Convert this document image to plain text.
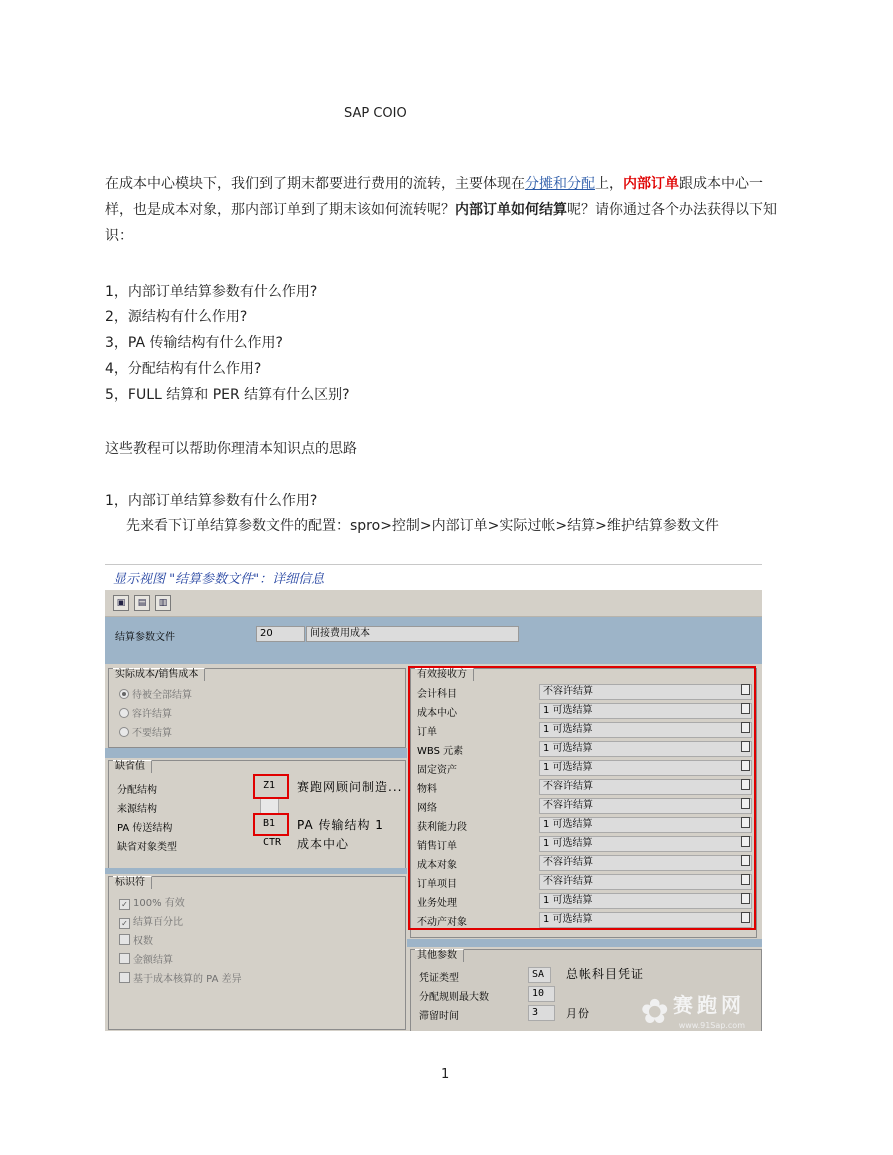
SAP COIO
在成本中心模块下，我们到了期末都要进行费用的流转，主要体现在分摊和分配上，内部订单跟成本中心一样，也是成本对象，那内部订单到了期末该如何流转呢？内部订单如何结算呢？请你通过各个办法获得以下知识：
1，内部订单结算参数有什么作用?
2，源结构有什么作用?
3，PA 传输结构有什么作用?
4，分配结构有什么作用?
5，FULL 结算和 PER 结算有什么区别?
这些教程可以帮助你理清本知识点的思路
1，内部订单结算参数有什么作用?
先来看下订单结算参数文件的配置：spro>控制>内部订单>实际过帐>结算>维护结算参数文件
显示视图 "结算参数文件"：详细信息
▣	▤	▥
结算参数文件	20	间接费用成本
实际成本/销售成本
待被全部结算
容许结算
不要结算
缺省值
分配结构	Z1	赛跑网顾问制造...
来源结构
PA 传送结构	B1	PA 传输结构 1
缺省对象类型	CTR	成本中心
标识符
✓ 100% 有效
✓ 结算百分比
权数
金额结算
基于成本核算的 PA 差异
有效接收方
会计科目	不容许结算
成本中心	1 可选结算
订单	1 可选结算
WBS 元素	1 可选结算
固定资产	1 可选结算
物料	不容许结算
网络	不容许结算
获利能力段	1 可选结算
销售订单	1 可选结算
成本对象	不容许结算
订单项目	不容许结算
业务处理	1 可选结算
不动产对象	1 可选结算
其他参数
凭证类型	SA	总帐科目凭证
分配规则最大数	10
滞留时间	3	月份 ✿ 赛跑网
www.91Sap.com
1
